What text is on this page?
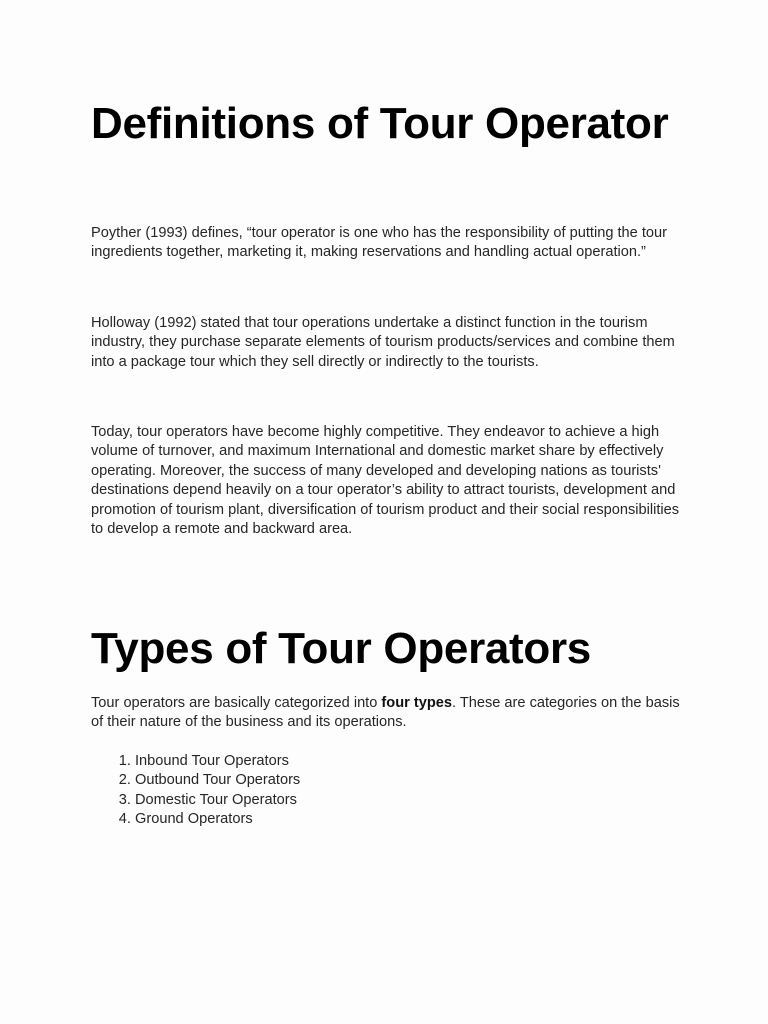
Definitions of Tour Operator

Poyther (1993) defines, “tour operator is one who has the responsibility of putting the tour ingredients together, marketing it, making reservations and handling actual operation.”

Holloway (1992) stated that tour operations undertake a distinct function in the tourism industry, they purchase separate elements of tourism products/services and combine them into a package tour which they sell directly or indirectly to the tourists.

Today, tour operators have become highly competitive. They endeavor to achieve a high volume of turnover, and maximum International and domestic market share by effectively operating. Moreover, the success of many developed and developing nations as tourists' destinations depend heavily on a tour operator’s ability to attract tourists, development and promotion of tourism plant, diversification of tourism product and their social responsibilities to develop a remote and backward area.

Types of Tour Operators

Tour operators are basically categorized into four types. These are categories on the basis of their nature of the business and its operations.

1. Inbound Tour Operators
2. Outbound Tour Operators
3. Domestic Tour Operators
4. Ground Operators
